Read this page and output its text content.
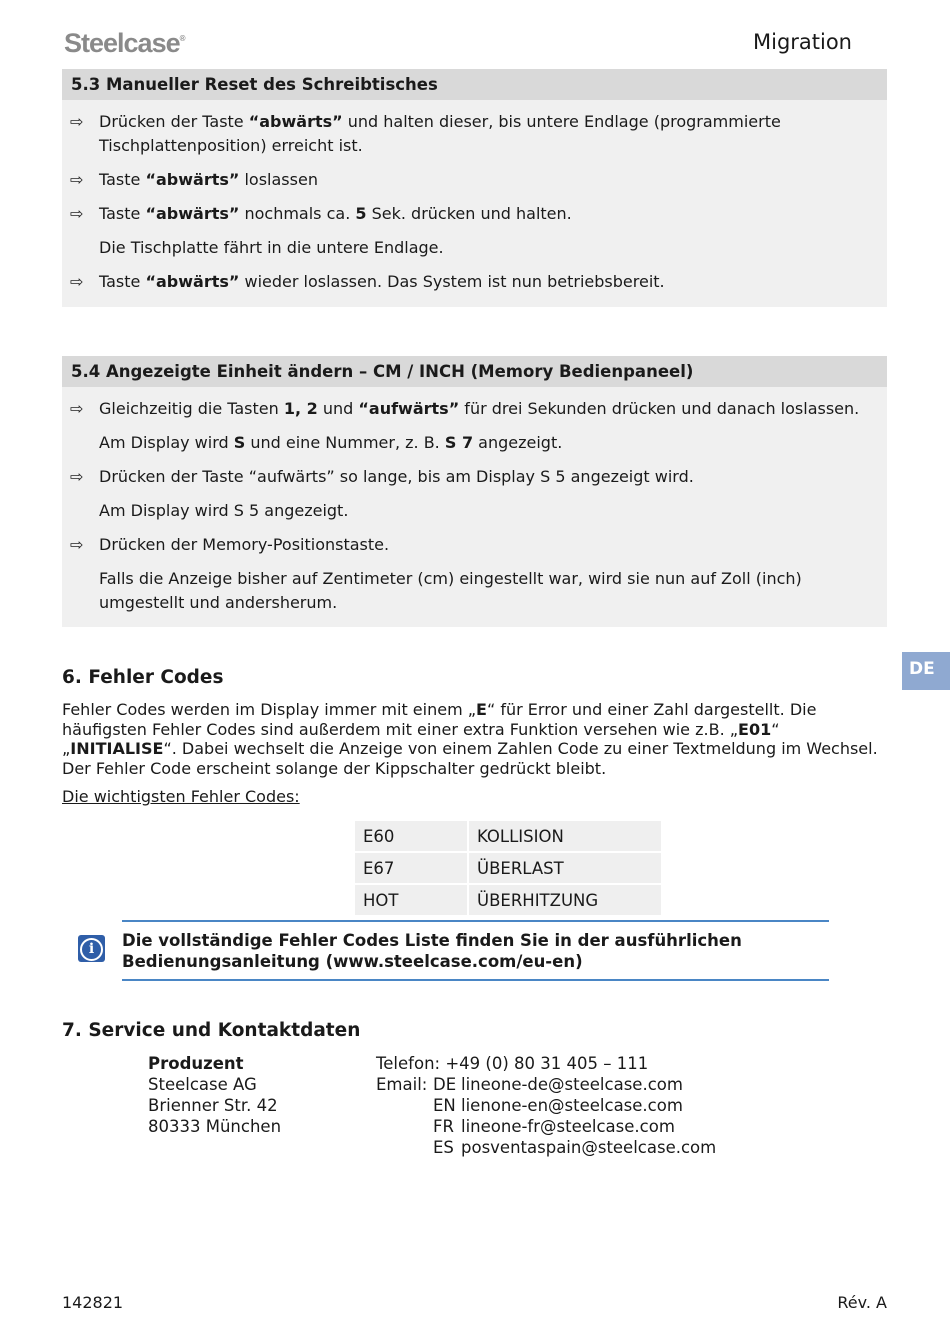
Steelcase®	Migration
5.3 Manueller Reset des Schreibtisches
⇨ Drücken der Taste “abwärts” und halten dieser, bis untere Endlage (programmierte Tischplattenposition) erreicht ist.
⇨ Taste “abwärts” loslassen
⇨ Taste “abwärts” nochmals ca. 5 Sek. drücken und halten.
Die Tischplatte fährt in die untere Endlage.
⇨ Taste “abwärts” wieder loslassen. Das System ist nun betriebsbereit.
5.4 Angezeigte Einheit ändern – CM / INCH (Memory Bedienpaneel)
⇨ Gleichzeitig die Tasten 1, 2 und “aufwärts” für drei Sekunden drücken und danach loslassen.
Am Display wird S und eine Nummer, z. B. S 7 angezeigt.
⇨ Drücken der Taste “aufwärts” so lange, bis am Display S 5 angezeigt wird.
Am Display wird S 5 angezeigt.
⇨ Drücken der Memory-Positionstaste.
Falls die Anzeige bisher auf Zentimeter (cm) eingestellt war, wird sie nun auf Zoll (inch) umgestellt und andersherum.
DE
6. Fehler Codes
Fehler Codes werden im Display immer mit einem „E“ für Error und einer Zahl dargestellt. Die häufigsten Fehler Codes sind außerdem mit einer extra Funktion versehen wie z.B. „E01“ „INITIALISE“. Dabei wechselt die Anzeige von einem Zahlen Code zu einer Textmeldung im Wechsel. Der Fehler Code erscheint solange der Kippschalter gedrückt bleibt.
Die wichtigsten Fehler Codes:
E60	KOLLISION
E67	ÜBERLAST
HOT	ÜBERHITZUNG
i	Die vollständige Fehler Codes Liste finden Sie in der ausführlichen Bedienungsanleitung (www.steelcase.com/eu-en)
7. Service und Kontaktdaten
Produzent
Steelcase AG
Brienner Str. 42
80333 München
Telefon: +49 (0) 80 31 405 – 111
Email: DE lineone-de@steelcase.com
EN lienone-en@steelcase.com
FR lineone-fr@steelcase.com
ES posventaspain@steelcase.com
142821	Rév. A
